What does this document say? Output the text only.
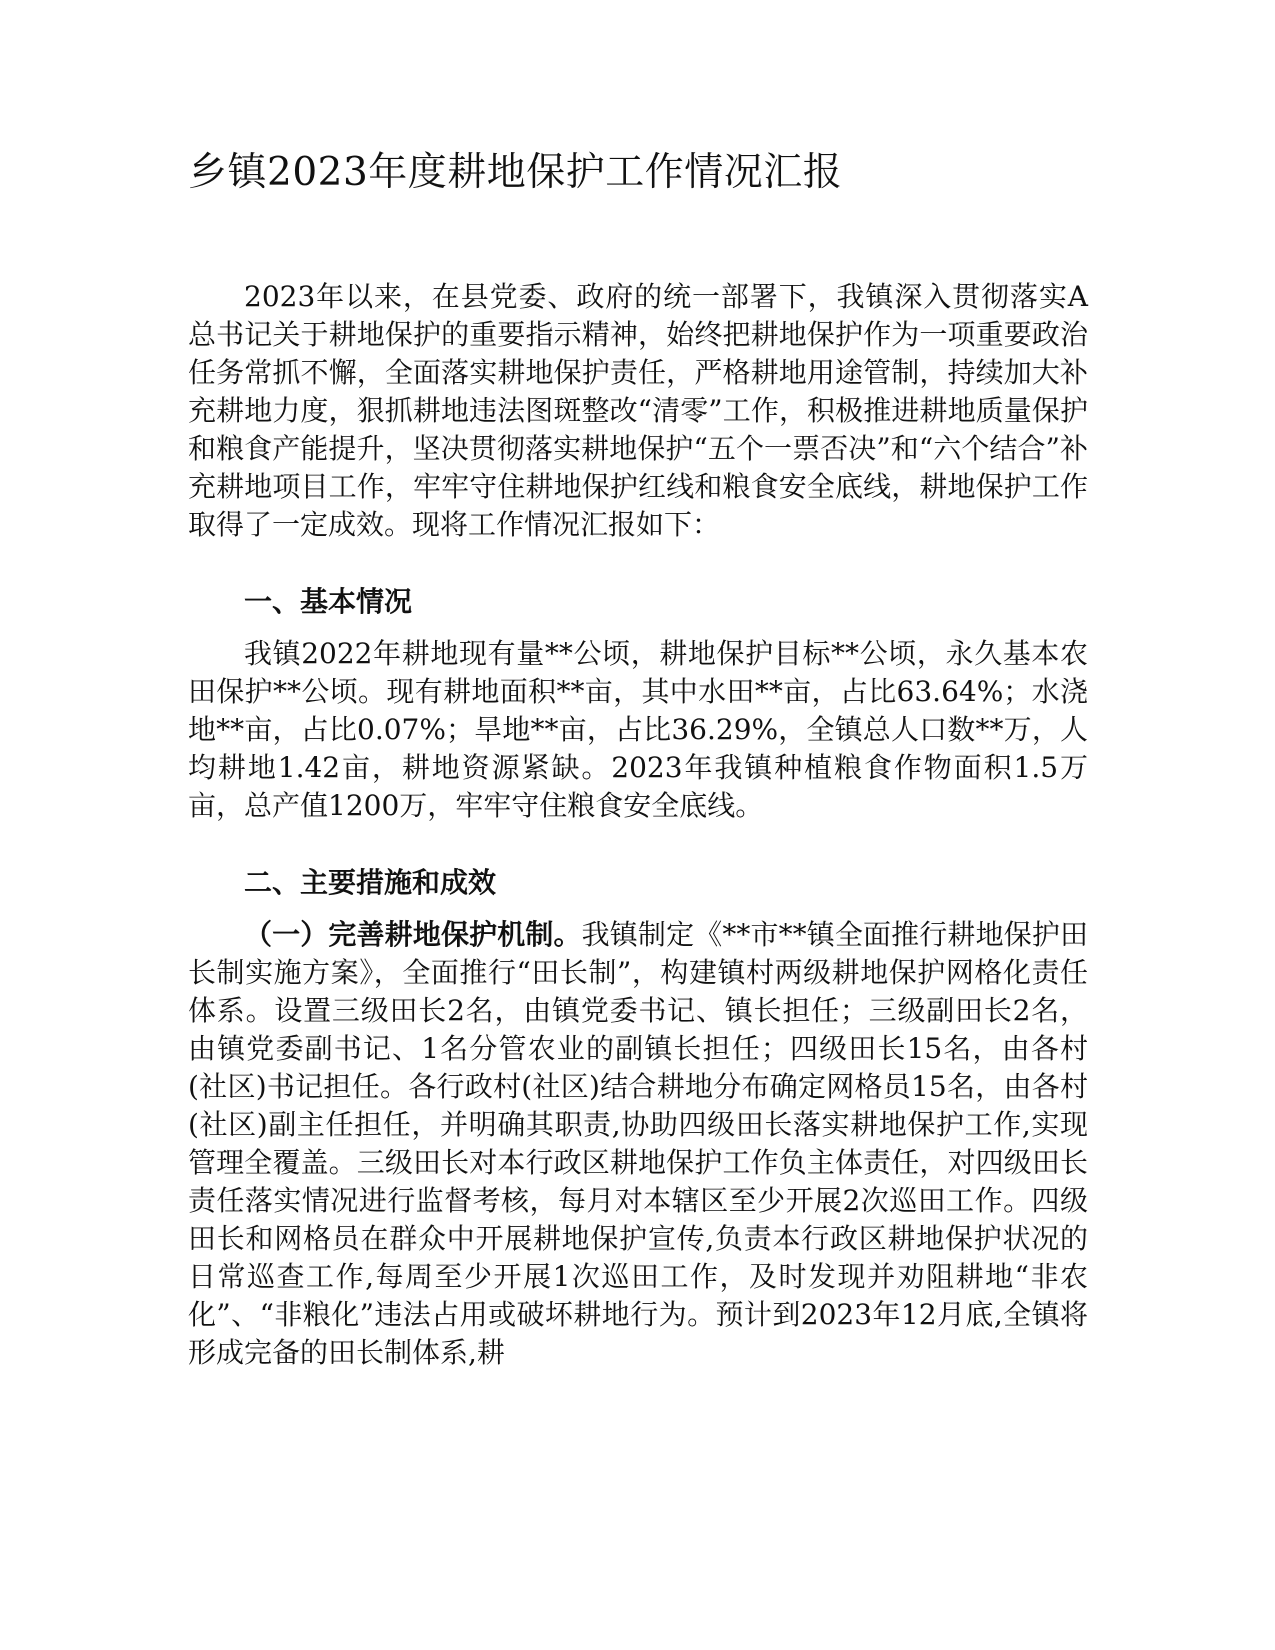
乡镇2023年度耕地保护工作情况汇报

2023年以来，在县党委、政府的统一部署下，我镇深入贯彻落实A总书记关于耕地保护的重要指示精神，始终把耕地保护作为一项重要政治任务常抓不懈，全面落实耕地保护责任，严格耕地用途管制，持续加大补充耕地力度，狠抓耕地违法图斑整改“清零”工作，积极推进耕地质量保护和粮食产能提升，坚决贯彻落实耕地保护“五个一票否决”和“六个结合”补充耕地项目工作，牢牢守住耕地保护红线和粮食安全底线，耕地保护工作取得了一定成效。现将工作情况汇报如下：

一、基本情况

我镇2022年耕地现有量**公顷，耕地保护目标**公顷，永久基本农田保护**公顷。现有耕地面积**亩，其中水田**亩，占比63.64%；水浇地**亩，占比0.07%；旱地**亩，占比36.29%，全镇总人口数**万，人均耕地1.42亩，耕地资源紧缺。2023年我镇种植粮食作物面积1.5万亩，总产值1200万，牢牢守住粮食安全底线。

二、主要措施和成效

（一）完善耕地保护机制。我镇制定《**市**镇全面推行耕地保护田长制实施方案》，全面推行“田长制”，构建镇村两级耕地保护网格化责任体系。设置三级田长2名，由镇党委书记、镇长担任；三级副田长2名，由镇党委副书记、1名分管农业的副镇长担任；四级田长15名，由各村(社区)书记担任。各行政村(社区)结合耕地分布确定网格员15名，由各村(社区)副主任担任，并明确其职责,协助四级田长落实耕地保护工作,实现管理全覆盖。三级田长对本行政区耕地保护工作负主体责任，对四级田长责任落实情况进行监督考核，每月对本辖区至少开展2次巡田工作。四级田长和网格员在群众中开展耕地保护宣传,负责本行政区耕地保护状况的日常巡查工作,每周至少开展1次巡田工作，及时发现并劝阻耕地“非农化”、“非粮化”违法占用或破坏耕地行为。预计到2023年12月底,全镇将形成完备的田长制体系,耕
